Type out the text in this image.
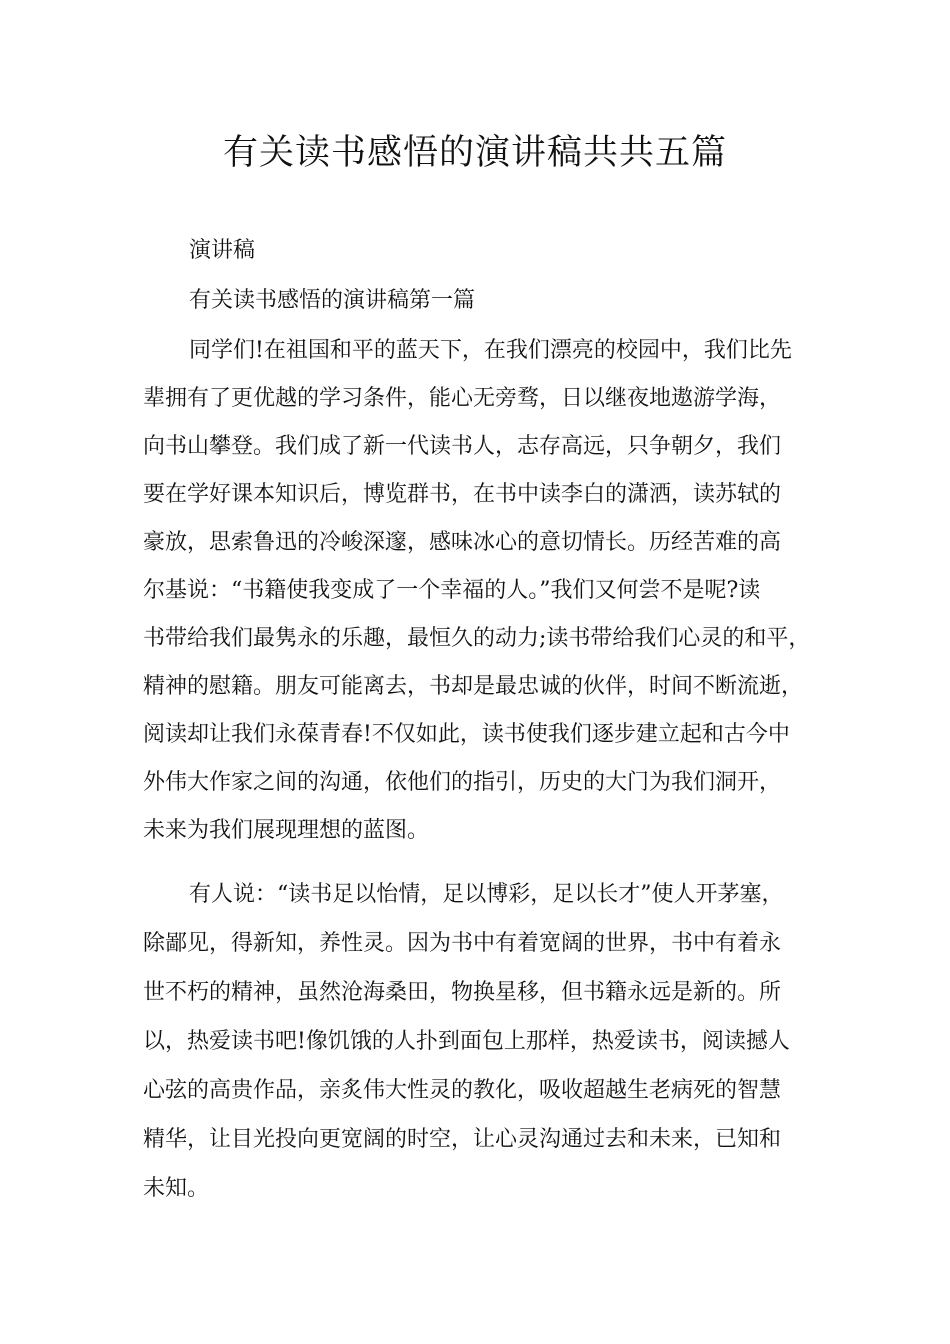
有关读书感悟的演讲稿共共五篇

演讲稿

有关读书感悟的演讲稿第一篇

同学们!在祖国和平的蓝天下，在我们漂亮的校园中，我们比先

辈拥有了更优越的学习条件，能心无旁骛，日以继夜地遨游学海，

向书山攀登。我们成了新一代读书人，志存高远，只争朝夕，我们

要在学好课本知识后，博览群书，在书中读李白的潇洒，读苏轼的

豪放，思索鲁迅的冷峻深邃，感味冰心的意切情长。历经苦难的高

尔基说：“书籍使我变成了一个幸福的人。”我们又何尝不是呢?读

书带给我们最隽永的乐趣，最恒久的动力;读书带给我们心灵的和平，

精神的慰籍。朋友可能离去，书却是最忠诚的伙伴，时间不断流逝，

阅读却让我们永葆青春!不仅如此，读书使我们逐步建立起和古今中

外伟大作家之间的沟通，依他们的指引，历史的大门为我们洞开，

未来为我们展现理想的蓝图。

有人说：“读书足以怡情，足以博彩，足以长才”使人开茅塞，

除鄙见，得新知，养性灵。因为书中有着宽阔的世界，书中有着永

世不朽的精神，虽然沧海桑田，物换星移，但书籍永远是新的。所

以，热爱读书吧!像饥饿的人扑到面包上那样，热爱读书，阅读撼人

心弦的高贵作品，亲炙伟大性灵的教化，吸收超越生老病死的智慧

精华，让目光投向更宽阔的时空，让心灵沟通过去和未来，已知和

未知。
